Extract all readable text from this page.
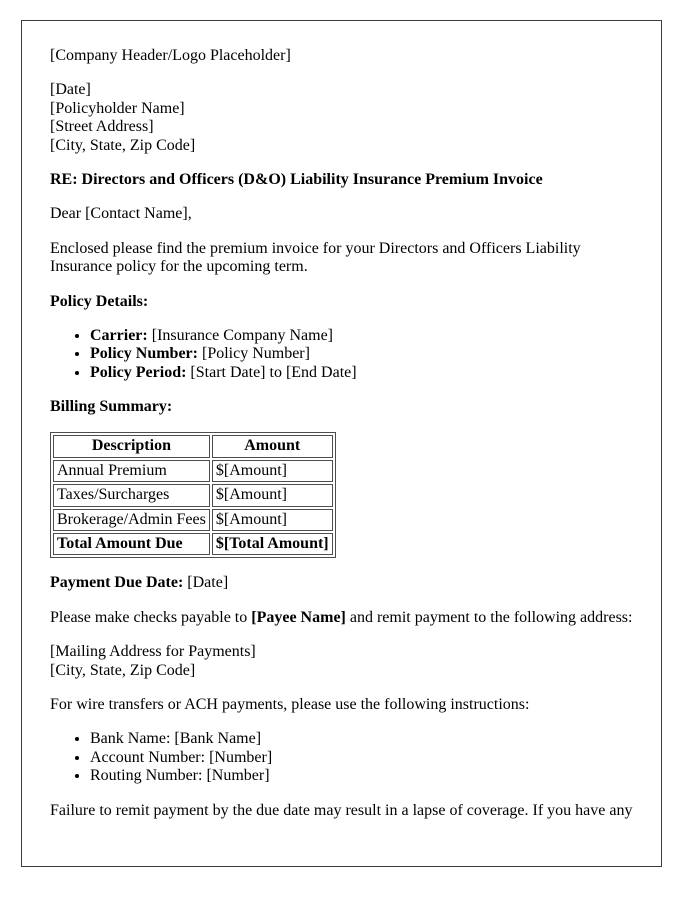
[Company Header/Logo Placeholder]

[Date]
[Policyholder Name]
[Street Address]
[City, State, Zip Code]

RE: Directors and Officers (D&O) Liability Insurance Premium Invoice

Dear [Contact Name],

Enclosed please find the premium invoice for your Directors and Officers Liability Insurance policy for the upcoming term.

Policy Details:

• Carrier: [Insurance Company Name]
• Policy Number: [Policy Number]
• Policy Period: [Start Date] to [End Date]

Billing Summary:

Description	Amount
Annual Premium	$[Amount]
Taxes/Surcharges	$[Amount]
Brokerage/Admin Fees	$[Amount]
Total Amount Due	$[Total Amount]

Payment Due Date: [Date]

Please make checks payable to [Payee Name] and remit payment to the following address:

[Mailing Address for Payments]
[City, State, Zip Code]

For wire transfers or ACH payments, please use the following instructions:

• Bank Name: [Bank Name]
• Account Number: [Number]
• Routing Number: [Number]

Failure to remit payment by the due date may result in a lapse of coverage. If you have any
